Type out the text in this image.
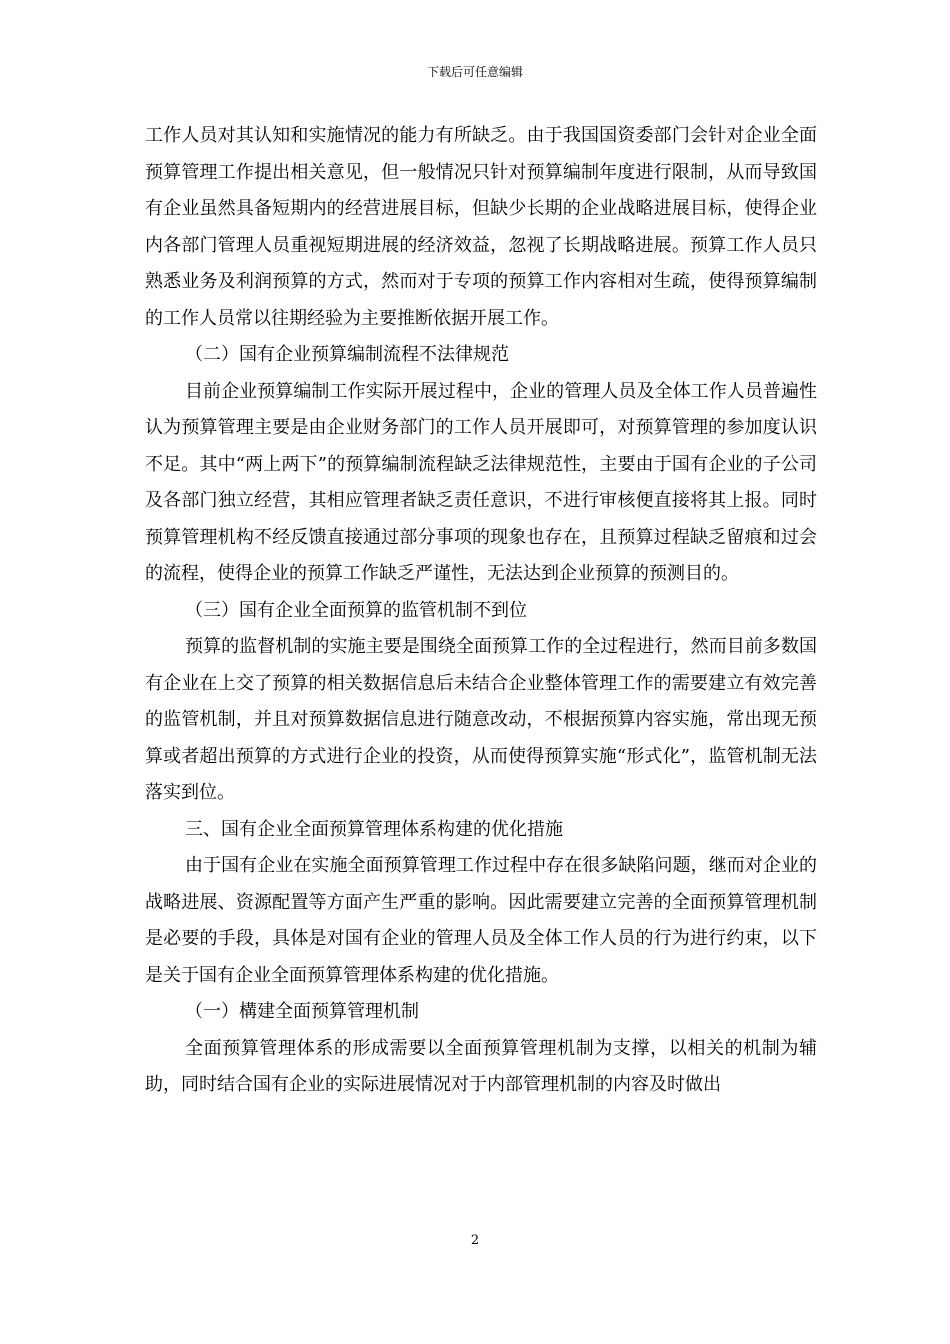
下载后可任意编辑

工作人员对其认知和实施情况的能力有所缺乏。由于我国国资委部门会针对企业全面预算管理工作提出相关意见，但一般情况只针对预算编制年度进行限制，从而导致国有企业虽然具备短期内的经营进展目标，但缺少长期的企业战略进展目标，使得企业内各部门管理人员重视短期进展的经济效益，忽视了长期战略进展。预算工作人员只熟悉业务及利润预算的方式，然而对于专项的预算工作内容相对生疏，使得预算编制的工作人员常以往期经验为主要推断依据开展工作。

（二）国有企业预算编制流程不法律规范

目前企业预算编制工作实际开展过程中，企业的管理人员及全体工作人员普遍性认为预算管理主要是由企业财务部门的工作人员开展即可，对预算管理的参加度认识不足。其中“两上两下”的预算编制流程缺乏法律规范性，主要由于国有企业的子公司及各部门独立经营，其相应管理者缺乏责任意识，不进行审核便直接将其上报。同时预算管理机构不经反馈直接通过部分事项的现象也存在，且预算过程缺乏留痕和过会的流程，使得企业的预算工作缺乏严谨性，无法达到企业预算的预测目的。

（三）国有企业全面预算的监管机制不到位

预算的监督机制的实施主要是围绕全面预算工作的全过程进行，然而目前多数国有企业在上交了预算的相关数据信息后未结合企业整体管理工作的需要建立有效完善的监管机制，并且对预算数据信息进行随意改动，不根据预算内容实施，常出现无预算或者超出预算的方式进行企业的投资，从而使得预算实施“形式化”，监管机制无法落实到位。

三、国有企业全面预算管理体系构建的优化措施

由于国有企业在实施全面预算管理工作过程中存在很多缺陷问题，继而对企业的战略进展、资源配置等方面产生严重的影响。因此需要建立完善的全面预算管理机制是必要的手段，具体是对国有企业的管理人员及全体工作人员的行为进行约束，以下是关于国有企业全面预算管理体系构建的优化措施。

（一）構建全面预算管理机制

全面预算管理体系的形成需要以全面预算管理机制为支撑，以相关的机制为辅助，同时结合国有企业的实际进展情况对于内部管理机制的内容及时做出

2
